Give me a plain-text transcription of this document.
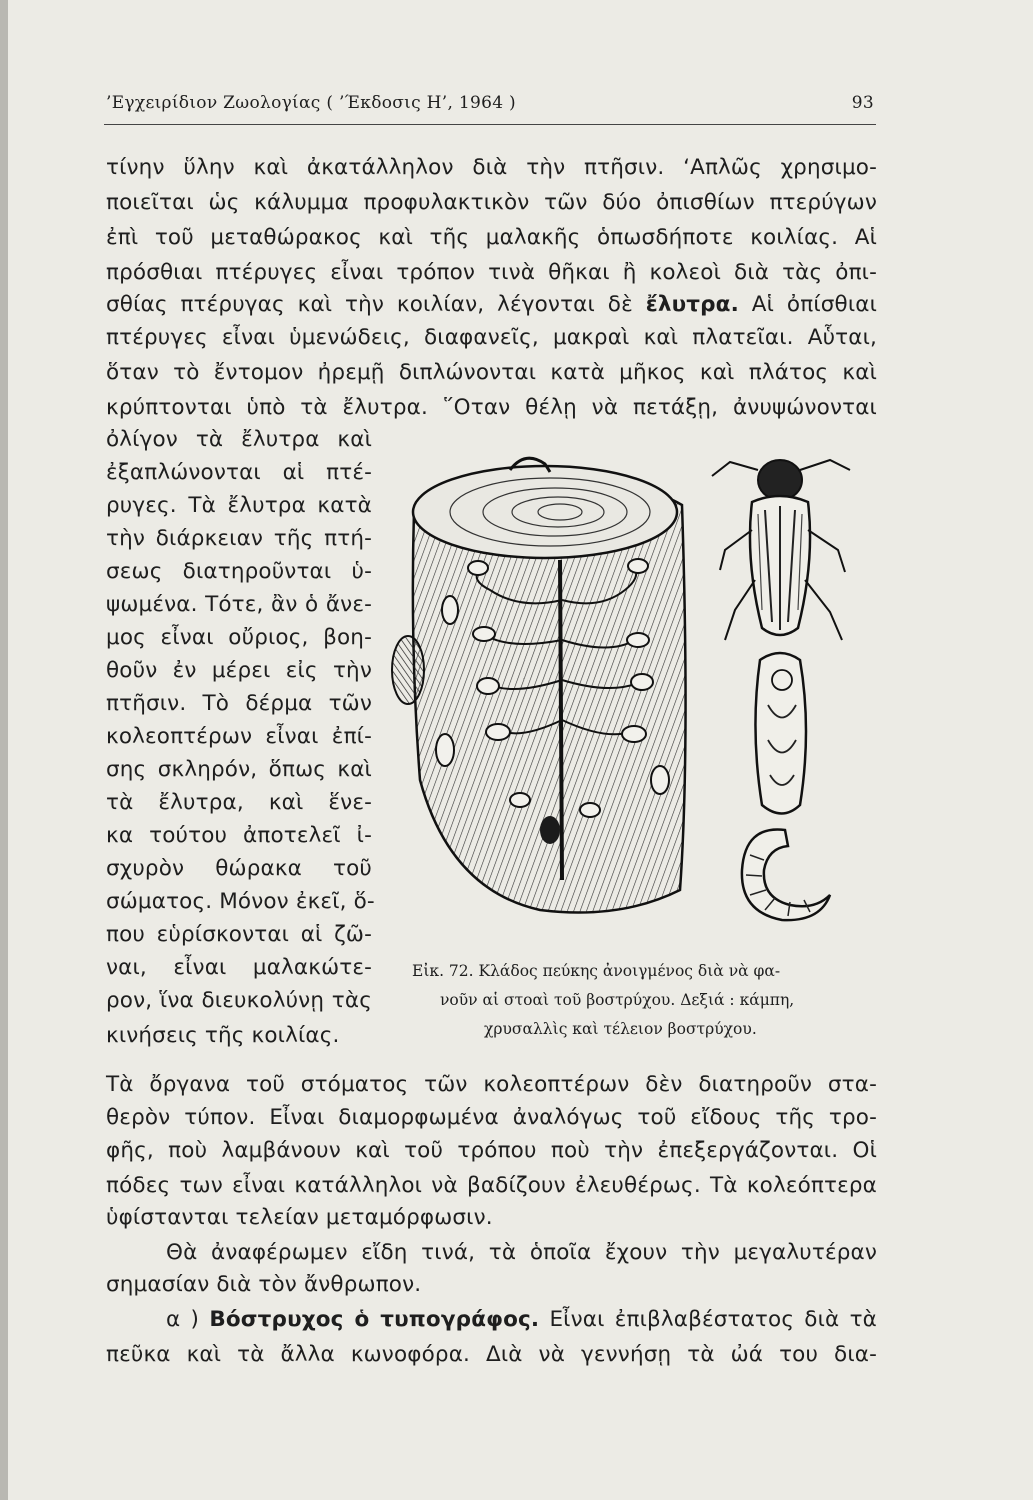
’Εγχειρίδιον Ζωολογίας ( ’Έκδοσις Η’, 1964 )	93
τίνην ὕλην καὶ ἀκατάλληλον διὰ τὴν πτῆσιν. ‘Απλῶς χρησιμο-
ποιεῖται ὡς κάλυμμα προφυλακτικὸν τῶν δύο ὀπισθίων πτερύγων
ἐπὶ τοῦ μεταθώρακος καὶ τῆς μαλακῆς ὁπωσδήποτε κοιλίας. Αἱ
πρόσθιαι πτέρυγες εἶναι τρόπον τινὰ θῆκαι ἢ κολεοὶ διὰ τὰς ὀπι-
σθίας πτέρυγας καὶ τὴν κοιλίαν, λέγονται δὲ ἔλυτρα. Αἱ ὀπίσθιαι
πτέρυγες εἶναι ὑμενώδεις, διαφανεῖς, μακραὶ καὶ πλατεῖαι. Αὗται,
ὅταν τὸ ἔντομον ἠρεμῇ διπλώνονται κατὰ μῆκος καὶ πλάτος καὶ
κρύπτονται ὑπὸ τὰ ἔλυτρα. ῞Οταν θέλῃ νὰ πετάξῃ, ἀνυψώνονται
ὀλίγον τὰ ἔλυτρα καὶ
ἐξαπλώνονται αἱ πτέ-
ρυγες. Τὰ ἔλυτρα κατὰ
τὴν διάρκειαν τῆς πτή-
σεως διατηροῦνται ὑ-
ψωμένα. Τότε, ἂν ὁ ἄνε-
μος εἶναι οὔριος, βοη-
θοῦν ἐν μέρει εἰς τὴν
πτῆσιν. Τὸ δέρμα τῶν
κολεοπτέρων εἶναι ἐπί-
σης σκληρόν, ὅπως καὶ
τὰ ἔλυτρα, καὶ ἕνε-
κα τούτου ἀποτελεῖ ἰ-
σχυρὸν θώρακα τοῦ
σώματος. Μόνον ἐκεῖ, ὅ-
που εὑρίσκονται αἱ ζῶ-
ναι, εἶναι μαλακώτε-
ρον, ἵνα διευκολύνῃ τὰς
κινήσεις τῆς κοιλίας.
Εἰκ. 72. Κλάδος πεύκης ἀνοιγμένος διὰ νὰ φα-
νοῦν αἱ στοαὶ τοῦ βοστρύχου. Δεξιά : κάμπη,
χρυσαλλὶς καὶ τέλειον βοστρύχου.
Τὰ ὄργανα τοῦ στόματος τῶν κολεοπτέρων δὲν διατηροῦν στα-
θερὸν τύπον. Εἶναι διαμορφωμένα ἀναλόγως τοῦ εἴδους τῆς τρο-
φῆς, ποὺ λαμβάνουν καὶ τοῦ τρόπου ποὺ τὴν ἐπεξεργάζονται. Οἱ
πόδες των εἶναι κατάλληλοι νὰ βαδίζουν ἐλευθέρως. Τὰ κολεόπτερα
ὑφίστανται τελείαν μεταμόρφωσιν.
Θὰ ἀναφέρωμεν εἴδη τινά, τὰ ὁποῖα ἔχουν τὴν μεγαλυτέραν
σημασίαν διὰ τὸν ἄνθρωπον.
α ) Βόστρυχος ὁ τυπογράφος. Εἶναι ἐπιβλαβέστατος διὰ τὰ
πεῦκα καὶ τὰ ἄλλα κωνοφόρα. Διὰ νὰ γεννήσῃ τὰ ὠά του δια-
